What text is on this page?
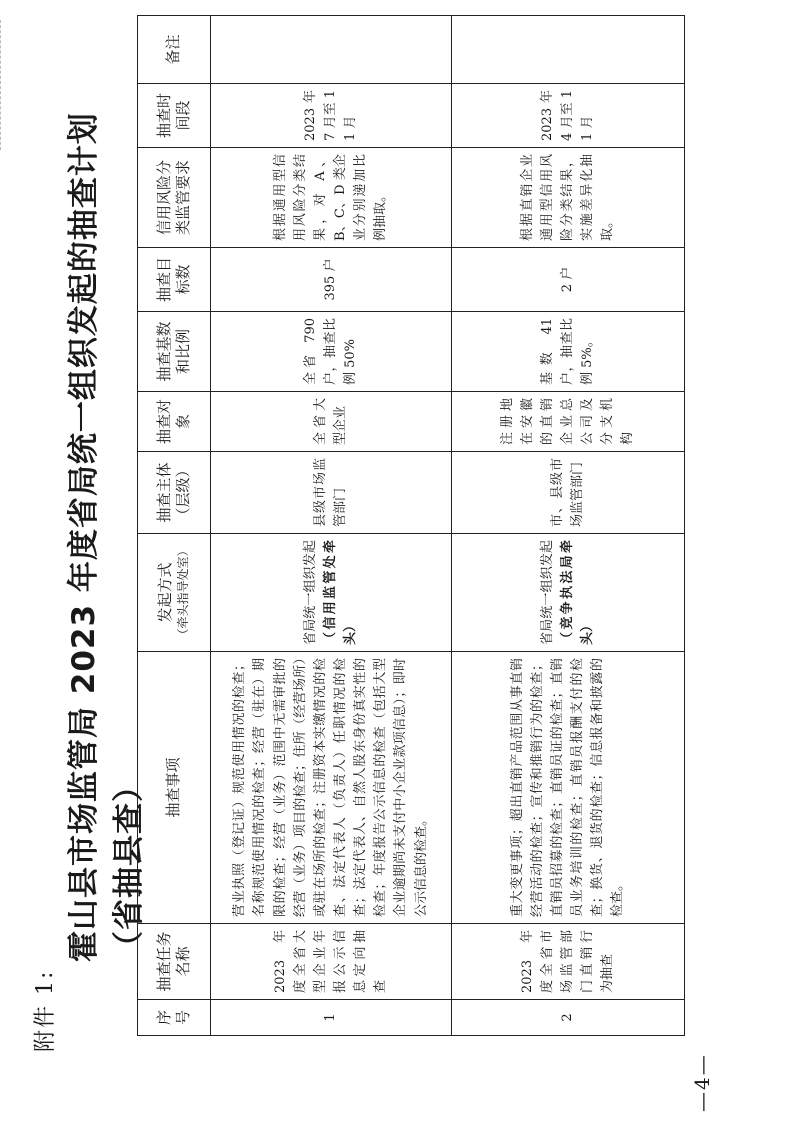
附件 1:
霍山县市场监管局 2023 年度省局统一组织发起的抽查计划（省抽县查）
序号	抽查任务名称	抽查事项	发起方式 （牵头指导处室）	抽查主体（层级）	抽查对象	抽查基数和比例	抽查目标数	信用风险分类监管要求	抽查时间段	备注
1	2023 年度全省大型企业年报公示信息定向抽查	营业执照（登记证）规范使用情况的检查；名称规范使用情况的检查；经营（驻在）期限的检查；经营（业务）范围中无需审批的经营（业务）项目的检查；住所（经营场所）或驻在场所的检查；注册资本实缴情况的检查、法定代表人（负责人）任职情况的检查；法定代表人、自然人股东身份真实性的检查；年度报告公示信息的检查（包括大型企业逾期尚未支付中小企业款项信息）；即时公示信息的检查。	省局统一组织发起 （信用监管处牵头）	县级市场监管部门	全省大型企业	全省 790 户，抽查比例 50%	395 户	根据通用型信用风险分类结果，对 A、B、C、D 类企业分别递加比例抽取。	2023 年 7 月至 11 月	
2	2023 年度全省市场监管部门直销行为抽查	重大变更事项；超出直销产品范围从事直销经营活动的检查；宣传和推销行为的检查；直销员招募的检查；直销员证的检查；直销员业务培训的检查；直销员报酬支付的检查；换货、退货的检查；信息报备和披露的检查。	省局统一组织发起 （竞争执法局牵头）	市、县级市场监管部门	注册地在安徽的直销企业总公司及分支机构	基数 41 户，抽查比例 5%。	2 户	根据直销企业通用型信用风险分类结果，实施差异化抽取。	2023 年 4 月至 11 月	
—4—
